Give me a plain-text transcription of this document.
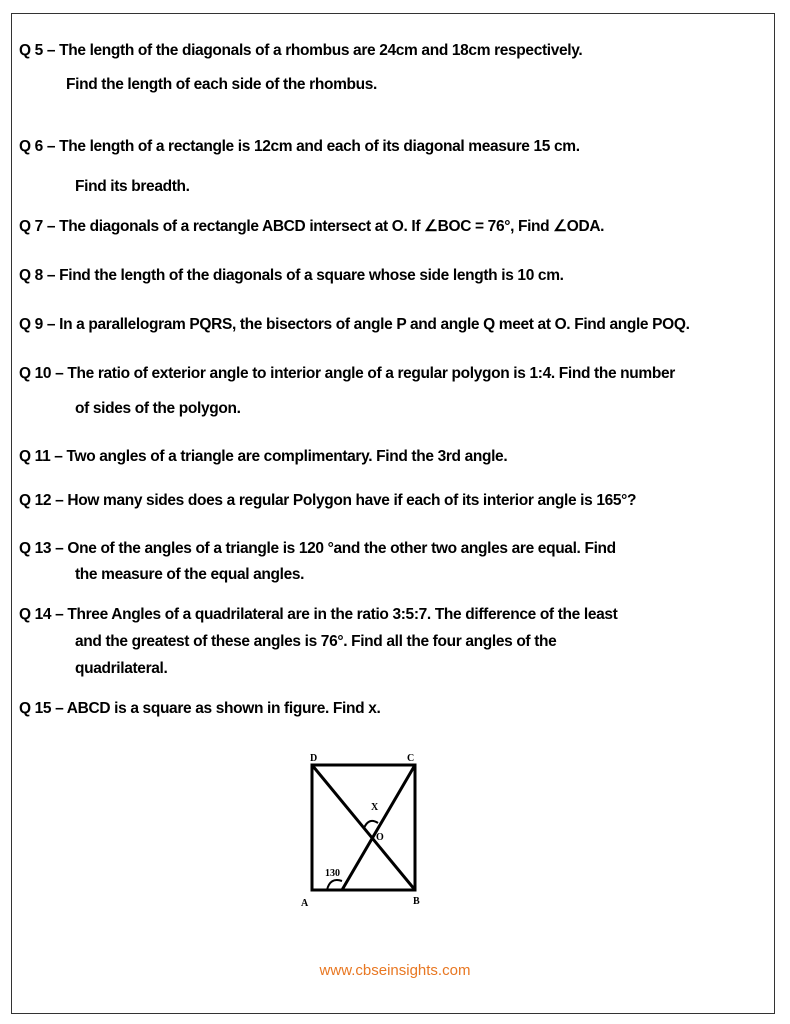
Q 5 – The length of the diagonals of a rhombus are 24cm and 18cm respectively.
Find the length of each side of the rhombus.
Q 6 – The length of a rectangle is 12cm and each of its diagonal measure 15 cm.
Find its breadth.
Q 7 – The diagonals of a rectangle ABCD intersect at O. If ∠BOC = 76°, Find ∠ODA.
Q 8 – Find the length of the diagonals of a square whose side length is 10 cm.
Q 9 – In a parallelogram PQRS, the bisectors of angle P and angle Q meet at O. Find angle POQ.
Q 10 – The ratio of exterior angle to interior angle of a regular polygon is 1:4. Find the number
of sides of the polygon.
Q 11 – Two angles of a triangle are complimentary. Find the 3rd angle.
Q 12 – How many sides does a regular Polygon have if each of its interior angle is 165°?
Q 13 – One of the angles of a triangle is 120 °and the other two angles are equal. Find
the measure of the equal angles.
Q 14 – Three Angles of a quadrilateral are in the ratio 3:5:7. The difference of the least
and the greatest of these angles is 76°. Find all the four angles of the
quadrilateral.
Q 15 – ABCD is a square as shown in figure. Find x.
D	C
A	B
O
X
130
www.cbseinsights.com
